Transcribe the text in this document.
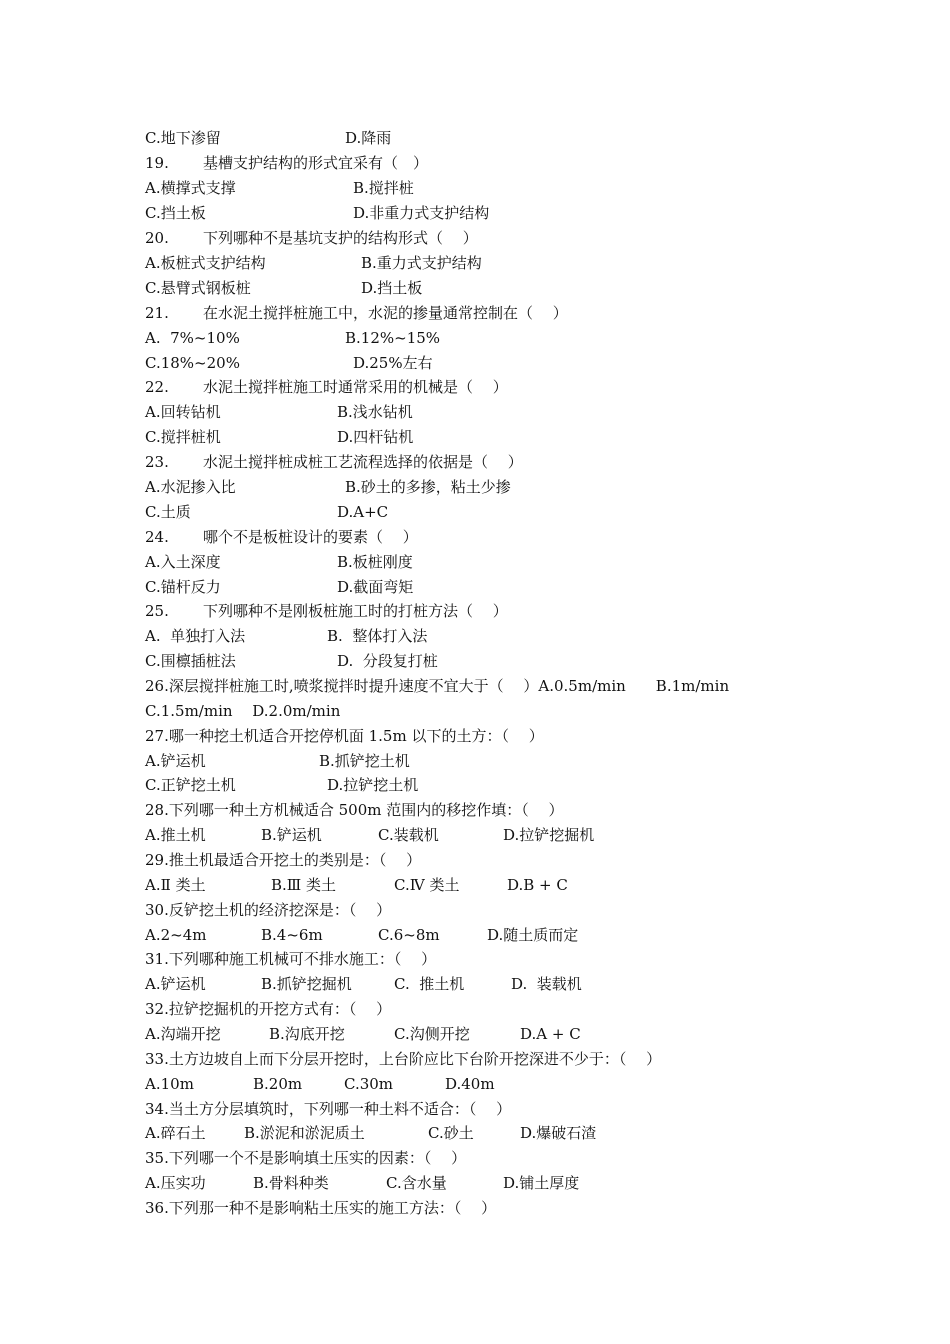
C.地下渗留

	D.降雨

19.

基槽支护结构的形式宜采有（　）

A.横撑式支撑

	B.搅拌桩

C.挡土板

	D.非重力式支护结构

20.

下列哪种不是基坑支护的结构形式（　 ）

A.板桩式支护结构

	B.重力式支护结构

C.悬臂式钢板桩

	D.挡土板

21.

在水泥土搅拌桩施工中，水泥的掺量通常控制在（　 ）

A.  7%~10%

	B.12%~15%

C.18%~20%

	D.25%左右

22.

水泥土搅拌桩施工时通常采用的机械是（　 ）

A.回转钻机

	B.浅水钻机

C.搅拌桩机

	D.四杆钻机

23.

水泥土搅拌桩成桩工艺流程选择的依据是（　 ）

A.水泥掺入比

	B.砂土的多掺，粘土少掺

C.土质

	D.A+C

24.

哪个不是板桩设计的要素（　 ）

A.入土深度

	B.板桩刚度

C.锚杆反力

	D.截面弯矩

25.

下列哪种不是刚板桩施工时的打桩方法（　 ）

A.  单独打入法

	B.  整体打入法

C.围檩插桩法

	D.  分段复打桩

26.深层搅拌桩施工时,喷浆搅拌时提升速度不宜大于（　 ）A.0.5m/min　　B.1m/min

C.1.5m/min　 D.2.0m/min

27.哪一种挖土机适合开挖停机面 1.5m 以下的土方：（　 ）

A.铲运机

	B.抓铲挖土机

C.正铲挖土机

	D.拉铲挖土机

28.下列哪一种土方机械适合 500m 范围内的移挖作填：（　 ）

A.推土机

	B.铲运机

	C.装载机

	D.拉铲挖掘机

29.推土机最适合开挖土的类别是：（　 ）

A.Ⅱ 类土

	B.Ⅲ 类土

	C.Ⅳ 类土

	D.B + C

30.反铲挖土机的经济挖深是：（　 ）

A.2~4m

	B.4~6m

	C.6~8m

	D.随土质而定

31.下列哪种施工机械可不排水施工：（　 ）

A.铲运机

	B.抓铲挖掘机

	C.  推土机

	D.  装载机

32.拉铲挖掘机的开挖方式有：（　 ）

A.沟端开挖

	B.沟底开挖

	C.沟侧开挖

	D.A + C

33.土方边坡自上而下分层开挖时，上台阶应比下台阶开挖深进不少于：（　 ）

A.10m

	B.20m

	C.30m

	D.40m

34.当土方分层填筑时，下列哪一种土料不适合：（　 ）

A.碎石土

	B.淤泥和淤泥质土

	C.砂土

	D.爆破石渣

35.下列哪一个不是影响填土压实的因素：（　 ）

A.压实功

	B.骨料种类

	C.含水量

	D.铺土厚度

36.下列那一种不是影响粘土压实的施工方法：（　 ）
